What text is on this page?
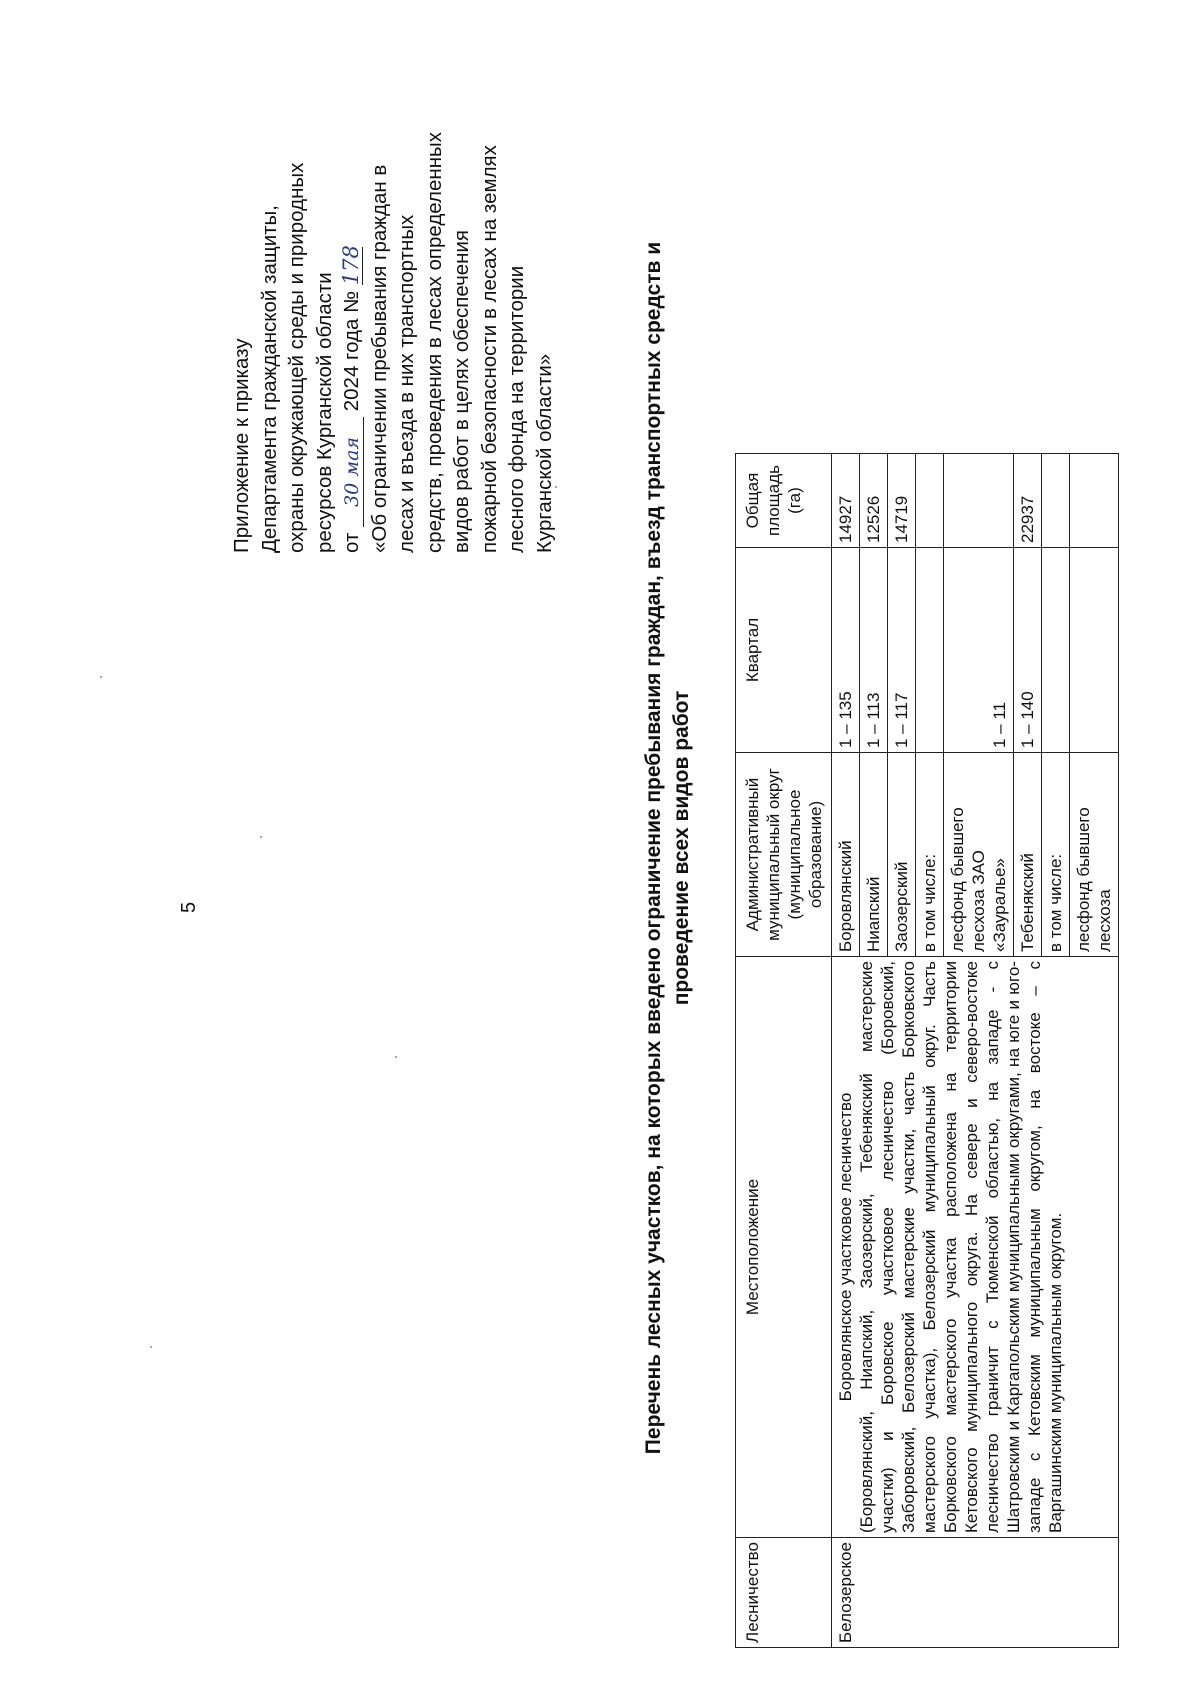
5
Приложение к приказу Департамента гражданской защиты, охраны окружающей среды и природных ресурсов Курганской области от 30 мая 2024 года № 178 «Об ограничении пребывания граждан в лесах и въезда в них транспортных средств, проведения в лесах определенных видов работ в целях обеспечения пожарной безопасности в лесах на землях лесного фонда на территории Курганской области»	Перечень лесных участков, на которых введено ограничение пребывания граждан, въезд транспортных средств и проведение всех видов работ
Лесничество	Местоположение	Административный муниципальный округ (муниципальное образование)	Квартал	Общая площадь (га)
Белозерское	Боровлянское участковое лесничество (Боровлянский, Ниапский, Заозерский, Тебенякский мастерские участки) и Боровское участковое лесничество (Боровский, Заборовский, Белозерский мастерские участки, часть Борковского мастерского участка), Белозерский муниципальный округ. Часть Борковского мастерского участка расположена на территории Кетовского муниципального округа. На севере и северо-востоке лесничество граничит с Тюменской областью, на западе - с Шатровским и Каргапольским муниципальными округами, на юге и юго-западе с Кетовским муниципальным округом, на востоке – с Варгашинским муниципальным округом.	Боровлянский	1 – 135	14927
		Ниапский	1 – 113	12526
		Заозерский	1 – 117	14719
		в том числе:		
		лесфонд бывшего лесхоза ЗАО «Зауралье»	1 – 11	
		Тебенякский	1 – 140	22937
		в том числе:		
		лесфонд бывшего лесхоза		
